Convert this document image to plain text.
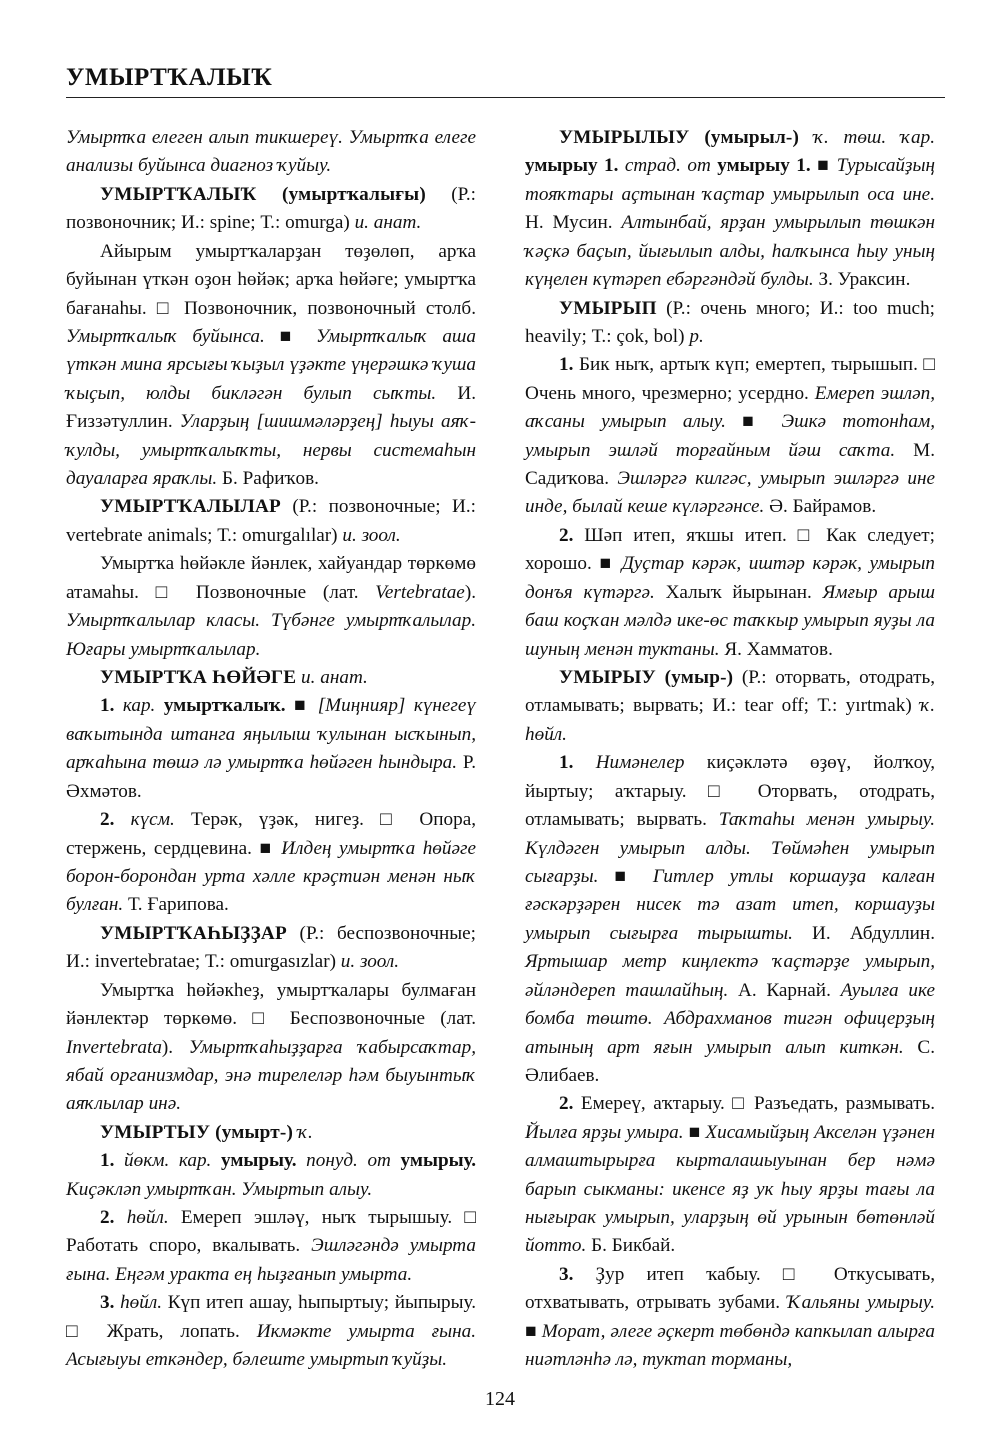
УМЫРТҠАЛЫҠ

Умыртҡа елеген алып тикшереү. Умыртҡа елеге анализы буйынса диагноз ҡуйыу.

УМЫРТҠАЛЫҠ (умыртҡалығы) (Р.: позвоночник; И.: spine; Т.: omurga) и. анат.

Айырым умыртҡаларҙан төҙөлөп, арҡа буйынан үткән оҙон һөйәк; арҡа һөйәге; умыртҡа бағанаһы. □ Позвоночник, позвоночный столб. Умыртҡалыҡ буйынса. ■ Умыртҡалыҡ аша үткән мина ярсығы ҡыҙыл үҙәкте үңерәшкә ҡуша ҡыҫып, юлды бикләгән булып сыҡты. И. Ғиззәтуллин. Уларҙың [шишмәләрҙең] һыуы аяҡ-ҡулды, умыртҡалыҡты, нервы системаһын дауаларға яраҡлы. Б. Рафиҡов.

УМЫРТҠАЛЫЛАР (Р.: позвоночные; И.: vertebrate animals; Т.: omurgalılar) и. зоол.

Умыртҡа һөйәкле йәнлек, хайуандар төркөмө атамаһы. □ Позвоночные (лат. Vertebratae). Умыртҡалылар класы. Түбәнге умыртҡалылар. Юғары умыртҡалылар.

УМЫРТҠА ҺӨЙӘГЕ и. анат.

1. кар. умыртҡалыҡ. ■ [Миңнияр] күнегеү ваҡытында штанга яңылыш ҡулынан ысҡынып, арҡаһына төшә лә умыртҡа һөйәген һындыра. Р. Әхмәтов.

2. күсм. Терәк, үҙәк, нигеҙ. □ Опора, стержень, сердцевина. ■ Илдең умыртҡа һөйәге борон-борондан урта хәлле крәҫтиән менән ныҡ булған. Т. Ғарипова.

УМЫРТҠАҺЫҘҘАР (Р.: беспозвоночные; И.: invertebratae; Т.: omurgasızlar) и. зоол.

Умыртҡа һөйәкһеҙ, умыртҡалары булмаған йәнлектәр төркөмө. □ Беспозвоночные (лат. Invertebrata). Умыртҡаһыҙҙарға ҡабырсаҡтар, ябай организмдар, энә тирелеләр һәм быуынтыҡ аяҡлылар инә.

УМЫРТЫУ (умырт-) ҡ.

1. йөкм. кар. умырыу. понуд. от умырыу. Киҫәкләп умыртҡан. Умыртып алыу.

2. һөйл. Емереп эшләү, ныҡ тырышыу. □ Работать споро, вкалывать. Эшләгәндә умырта ғына. Еңгәм уракта ең һыҙғанып умырта.

3. һөйл. Күп итеп ашау, һыпыртыу; йыпырыу. □ Жрать, лопать. Икмәкте умырта ғына. Асығыуы еткәндер, бәлеште умыртып ҡуйҙы.

УМЫРЫЛЫУ (умырыл-) ҡ. төш. ҡар. умырыу 1. страд. от умырыу 1. ■ Турысайҙың тояҡтары аҫтынан ҡаҫтар умырылып оса ине. Н. Мусин. Алтынбай, ярҙан умырылып төшкән ҡәҫкә баҫып, йығылып алды, һалҡынса һыу уның күңелен күтәреп ебәргәндәй булды. З. Ураксин.

УМЫРЫП (Р.: очень много; И.: too much; heavily; Т.: çok, bol) р.

1. Бик ныҡ, артыҡ күп; емертеп, тырышып. □ Очень много, чрезмерно; усердно. Емереп эшләп, аҡсаны умырып алыу. ■ Эшкә тотонһам, умырып эшләй торғайным йәш саҡта. М. Садиҡова. Эшләргә килгәс, умырып эшләргә ине инде, былай кеше күләргәнсе. Ә. Байрамов.

2. Шәп итеп, яҡшы итеп. □ Как следует; хорошо. ■ Дуҫтар кәрәк, иштәр кәрәк, умырып донъя күтәргә. Халыҡ йырынан. Ямғыр арыш баш коҫҡан мәлдә ике-өс таҡкыр умырып яуҙы ла шуның менән туктаны. Я. Хамматов.

УМЫРЫУ (умыр-) (Р.: оторвать, отодрать, отламывать; вырвать; И.: tear off; Т.: yırtmak) ҡ. һөйл.

1. Нимәнелер киҫәкләтә өҙөү, йолҡоу, йыртыу; аҡтарыу. □ Оторвать, отодрать, отламывать; вырвать. Таҡтаһы менән умырыу. Күлдәген умырып алды. Төймәһен умырып сығарҙы. ■ Гитлер утлы коршауҙа калған ғәскәрҙәрен нисек тә азат итеп, коршауҙы умырып сығырға тырышты. И. Абдуллин. Яртышар метр киңлектә ҡаҫтәрҙе умырып, әйләндереп ташлайһың. А. Карнай. Ауылға ике бомба төштө. Абдрахманов тигән офицерҙың атының арт яғын умырып алып киткән. С. Әлибаев.

2. Емереү, аҡтарыу. □ Разъедать, размывать. Йылға ярҙы умыра. ■ Хисамыйҙың Акселән үҙәнен алмаштырырға кырталашыуынан бер нәмә барып сыкманы: икенсе яҙ ук һыу ярҙы тағы ла нығырак умырып, уларҙың өй урынын бөтөнләй йотто. Б. Бикбай.

3. Ҙур итеп ҡабыу. □ Откусывать, отхватывать, отрывать зубами. Ҡальяны умырыу. ■ Морат, әлеге әҫкерт төбөндә капкылап алырға ниәтләнһә лә, туктап торманы,

124
